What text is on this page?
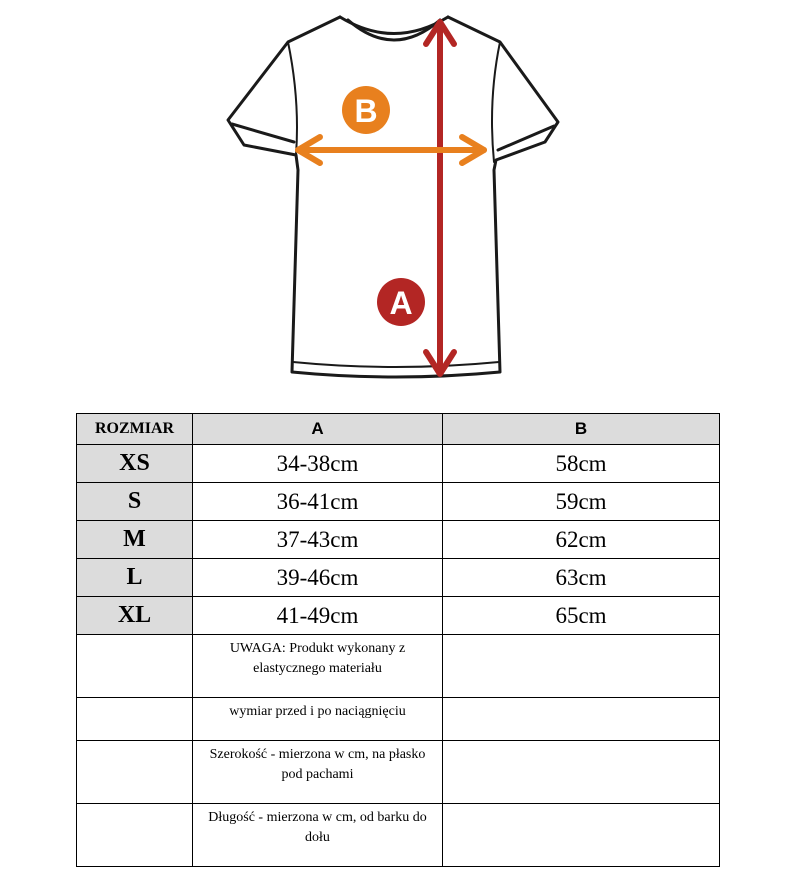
B
A
ROZMIAR	A	B
XS	34-38cm	58cm
S	36-41cm	59cm
M	37-43cm	62cm
L	39-46cm	63cm
XL	41-49cm	65cm
	UWAGA: Produkt wykonany z elastycznego materiału	
	wymiar przed i po naciągnięciu	
	Szerokość - mierzona w cm, na płasko pod pachami	
	Długość - mierzona w cm, od barku do dołu	
